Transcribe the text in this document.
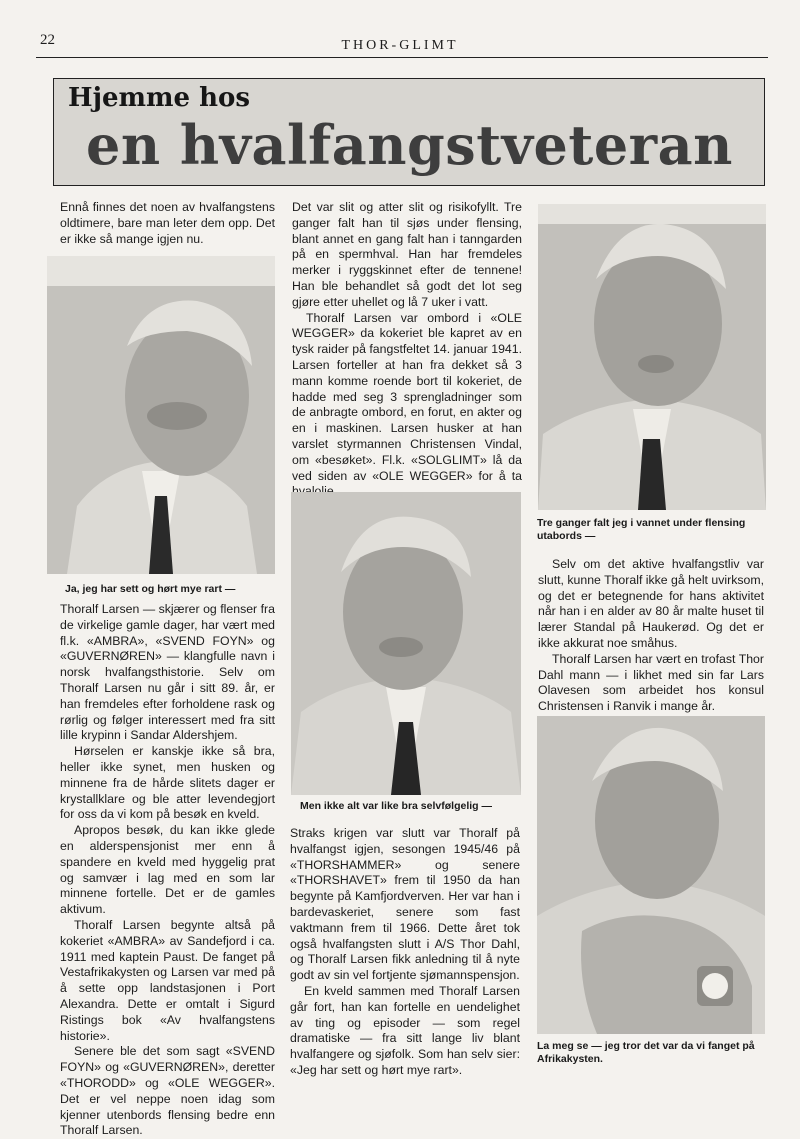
22	THOR-GLIMT
Hjemme hos
en hvalfangstveteran

Ennå finnes det noen av hvalfangstens oldtimere, bare man leter dem opp. Det er ikke så mange igjen nu.

Ja, jeg har sett og hørt mye rart —

Thoralf Larsen — skjærer og flenser fra de virkelige gamle dager, har vært med fl.k. «AMBRA», «SVEND FOYN» og «GUVERNØREN» — klangfulle navn i norsk hvalfangsthistorie. Selv om Thoralf Larsen nu går i sitt 89. år, er han fremdeles efter forholdene rask og rørlig og følger interessert med fra sitt lille krypinn i Sandar Aldershjem.

Hørselen er kanskje ikke så bra, heller ikke synet, men husken og minnene fra de hårde slitets dager er krystallklare og ble atter levendegjort for oss da vi kom på besøk en kveld.

Apropos besøk, du kan ikke glede en alderspensjonist mer enn å spandere en kveld med hyggelig prat og samvær i lag med en som lar minnene fortelle. Det er de gamles aktivum.

Thoralf Larsen begynte altså på kokeriet «AMBRA» av Sandefjord i ca. 1911 med kaptein Paust. De fanget på Vestafrikakysten og Larsen var med på å sette opp landstasjonen i Port Alexandra. Dette er omtalt i Sigurd Ristings bok «Av hvalfangstens historie».

Senere ble det som sagt «SVEND FOYN» og «GUVERNØREN», deretter «THORODD» og «OLE WEGGER». Det er vel neppe noen idag som kjenner utenbords flensing bedre enn Thoralf Larsen.

Det var slit og atter slit og risikofyllt. Tre ganger falt han til sjøs under flensing, blant annet en gang falt han i tanngarden på en spermhval. Han har fremdeles merker i ryggskinnet efter de tennene! Han ble behandlet så godt det lot seg gjøre etter uhellet og lå 7 uker i vatt.

Thoralf Larsen var ombord i «OLE WEGGER» da kokeriet ble kapret av en tysk raider på fangstfeltet 14. januar 1941. Larsen forteller at han fra dekket så 3 mann komme roende bort til kokeriet, de hadde med seg 3 sprengladninger som de anbragte ombord, en forut, en akter og en i maskinen. Larsen husker at han varslet styrmannen Christensen Vindal, om «besøket». Fl.k. «SOLGLIMT» lå da ved siden av «OLE WEGGER» for å ta

Men ikke alt var like bra selvfølgelig —

Straks krigen var slutt var Thoralf på hvalfangst igjen, sesongen 1945/46 på «THORSHAMMER» og senere «THORSHAVET» frem til 1950 da han begynte på Kamfjordverven. Her var han i bardevaskeriet, senere som fast vaktmann frem til 1966. Dette året tok også hvalfangsten slutt i A/S Thor Dahl, og Thoralf Larsen fikk anledning til å nyte godt av sin vel fortjente sjømannspensjon.

En kveld sammen med Thoralf Larsen går fort, han kan fortelle en uendelighet av ting og episoder — som regel dramatiske — fra sitt lange liv blant hvalfangere og sjøfolk. Som han selv sier: «Jeg har sett og hørt mye rart».

Tre ganger falt jeg i vannet under flensing utabords —

Selv om det aktive hvalfangstliv var slutt, kunne Thoralf ikke gå helt uvirksom, og det er betegnende for hans aktivitet når han i en alder av 80 år malte huset til lærer Standal på Haukerød. Og det er ikke akkurat noe småhus.

Thoralf Larsen har vært en trofast Thor Dahl mann — i likhet med sin far Lars Olavesen som arbeidet hos konsul Christensen i Ranvik i mange år.

La meg se — jeg tror det var da vi fanget på Afrikakysten.
